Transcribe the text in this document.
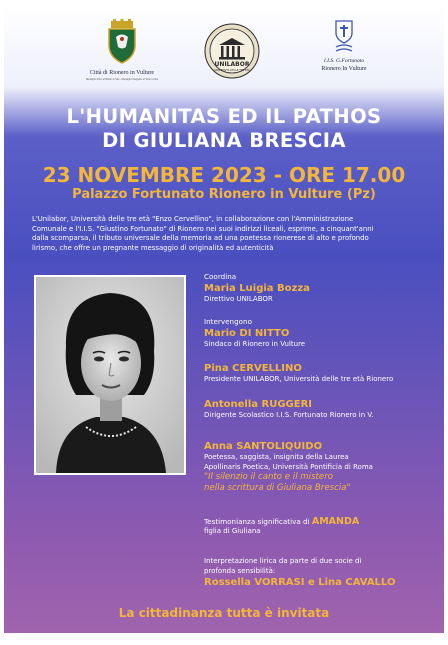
Città di Rionero in Vulture
Medaglia d'Oro al Merito Civile - Medaglia d'Argento al Valor Civile
UNILABOR
UNIVERSITÀ DELLE TRE ETÀ
I.I.S. G.Fortunato
Rionero In Vulture
L'HUMANITAS ED IL PATHOS
DI GIULIANA BRESCIA
23 NOVEMBRE 2023 - ORE 17.00
Palazzo Fortunato Rionero in Vulture (Pz)
L'Unilabor, Università delle tre età "Enzo Cervellino", in collaborazione con l'Amministrazione
Comunale e l'I.I.S. "Giustino Fortunato" di Rionero nei suoi indirizzi liceali, esprime, a cinquant'anni
dalla scomparsa, il tributo universale della memoria ad una poetessa rionerese di alto e profondo
lirismo, che offre un pregnante messaggio di originalità ed autenticità
Coordina
Maria Luigia Bozza
Direttivo UNILABOR
Intervengono
Mario DI NITTO
Sindaco di Rionero in Vulture
Pina CERVELLINO
Presidente UNILABOR, Università delle tre età Rionero
Antonella RUGGERI
Dirigente Scolastico I.I.S. Fortunato Rionero in V.
Anna SANTOLIQUIDO
Poetessa, saggista, insignita della Laurea
Apollinaris Poetica, Università Pontificia di Roma
"Il silenzio il canto e il mistero
nella scrittura di Giuliana Brescia"
Testimonianza significativa di AMANDA
figlia di Giuliana
Interpretazione lirica da parte di due socie di
profonda sensibilità:
Rossella VORRASI e Lina CAVALLO
La cittadinanza tutta è invitata
